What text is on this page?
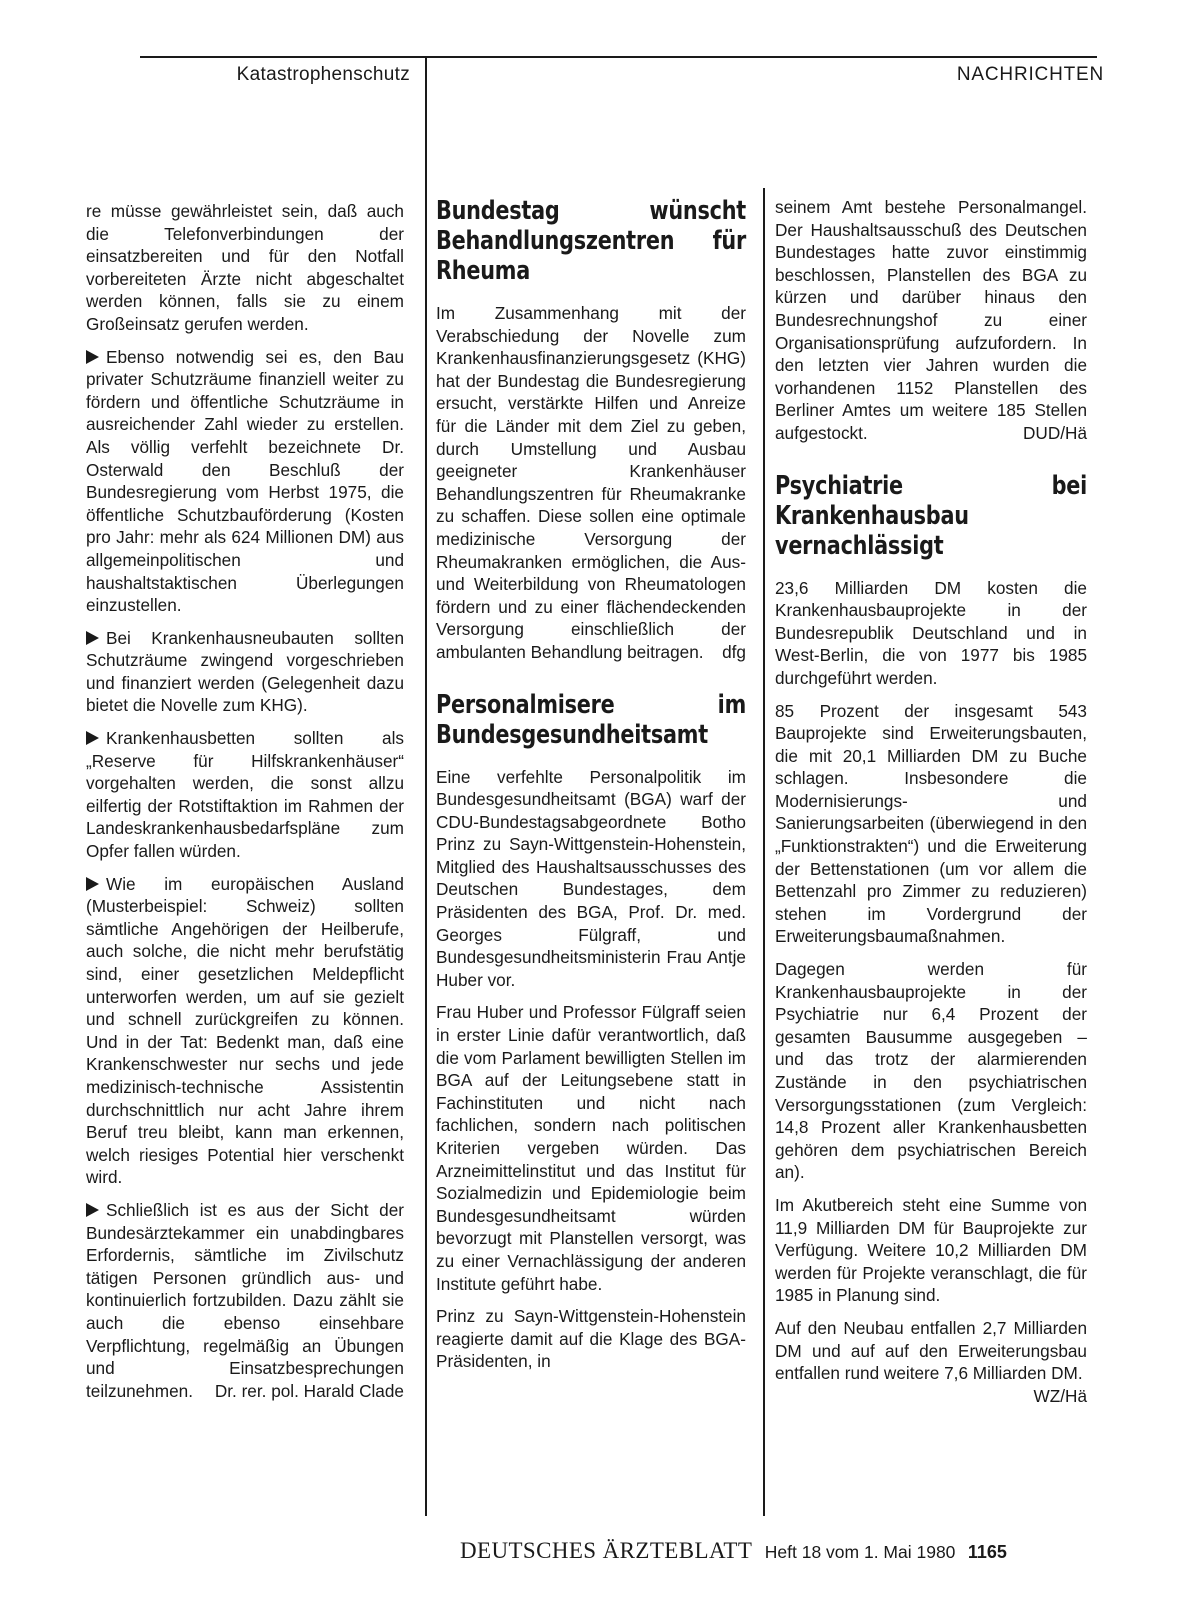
Katastrophenschutz	NACHRICHTEN

re müsse gewährleistet sein, daß auch die Telefonverbindungen der einsatzbereiten und für den Notfall vorbereiteten Ärzte nicht abgeschaltet werden können, falls sie zu einem Großeinsatz gerufen werden.

Ebenso notwendig sei es, den Bau privater Schutzräume finanziell weiter zu fördern und öffentliche Schutzräume in ausreichender Zahl wieder zu erstellen. Als völlig verfehlt bezeichnete Dr. Osterwald den Beschluß der Bundesregierung vom Herbst 1975, die öffentliche Schutzbauförderung (Kosten pro Jahr: mehr als 624 Millionen DM) aus allgemeinpolitischen und haushaltstaktischen Überlegungen einzustellen.

Bei Krankenhausneubauten sollten Schutzräume zwingend vorgeschrieben und finanziert werden (Gelegenheit dazu bietet die Novelle zum KHG).

Krankenhausbetten sollten als „Reserve für Hilfskrankenhäuser“ vorgehalten werden, die sonst allzu eilfertig der Rotstiftaktion im Rahmen der Landeskrankenhausbedarfspläne zum Opfer fallen würden.

Wie im europäischen Ausland (Musterbeispiel: Schweiz) sollten sämtliche Angehörigen der Heilberufe, auch solche, die nicht mehr berufstätig sind, einer gesetzlichen Meldepflicht unterworfen werden, um auf sie gezielt und schnell zurückgreifen zu können. Und in der Tat: Bedenkt man, daß eine Krankenschwester nur sechs und jede medizinisch-technische Assistentin durchschnittlich nur acht Jahre ihrem Beruf treu bleibt, kann man erkennen, welch riesiges Potential hier verschenkt wird.

Schließlich ist es aus der Sicht der Bundesärztekammer ein unabdingbares Erfordernis, sämtliche im Zivilschutz tätigen Personen gründlich aus- und kontinuierlich fortzubilden. Dazu zählt sie auch die ebenso einsehbare Verpflichtung, regelmäßig an Übungen und Einsatzbesprechungen teilzunehmen. Dr. rer. pol. Harald Clade

Bundestag wünscht Behandlungszentren für Rheuma

Im Zusammenhang mit der Verabschiedung der Novelle zum Krankenhausfinanzierungsgesetz (KHG) hat der Bundestag die Bundesregierung ersucht, verstärkte Hilfen und Anreize für die Länder mit dem Ziel zu geben, durch Umstellung und Ausbau geeigneter Krankenhäuser Behandlungszentren für Rheumakranke zu schaffen. Diese sollen eine optimale medizinische Versorgung der Rheumakranken ermöglichen, die Aus- und Weiterbildung von Rheumatologen fördern und zu einer flächendeckenden Versorgung einschließlich der ambulanten Behandlung beitragen. dfg

Personalmisere im Bundesgesundheitsamt

Eine verfehlte Personalpolitik im Bundesgesundheitsamt (BGA) warf der CDU-Bundestagsabgeordnete Botho Prinz zu Sayn-Wittgenstein-Hohenstein, Mitglied des Haushaltsausschusses des Deutschen Bundestages, dem Präsidenten des BGA, Prof. Dr. med. Georges Fülgraff, und Bundesgesundheitsministerin Frau Antje Huber vor.

Frau Huber und Professor Fülgraff seien in erster Linie dafür verantwortlich, daß die vom Parlament bewilligten Stellen im BGA auf der Leitungsebene statt in Fachinstituten und nicht nach fachlichen, sondern nach politischen Kriterien vergeben würden. Das Arzneimittelinstitut und das Institut für Sozialmedizin und Epidemiologie beim Bundesgesundheitsamt würden bevorzugt mit Planstellen versorgt, was zu einer Vernachlässigung der anderen Institute geführt habe.

Prinz zu Sayn-Wittgenstein-Hohenstein reagierte damit auf die Klage des BGA-Präsidenten, in

seinem Amt bestehe Personalmangel. Der Haushaltsausschuß des Deutschen Bundestages hatte zuvor einstimmig beschlossen, Planstellen des BGA zu kürzen und darüber hinaus den Bundesrechnungshof zu einer Organisationsprüfung aufzufordern. In den letzten vier Jahren wurden die vorhandenen 1152 Planstellen des Berliner Amtes um weitere 185 Stellen aufgestockt.	DUD/Hä

Psychiatrie bei Krankenhausbau vernachlässigt

23,6 Milliarden DM kosten die Krankenhausbauprojekte in der Bundesrepublik Deutschland und in West-Berlin, die von 1977 bis 1985 durchgeführt werden.

85 Prozent der insgesamt 543 Bauprojekte sind Erweiterungsbauten, die mit 20,1 Milliarden DM zu Buche schlagen. Insbesondere die Modernisierungs- und Sanierungsarbeiten (überwiegend in den „Funktionstrakten“) und die Erweiterung der Bettenstationen (um vor allem die Bettenzahl pro Zimmer zu reduzieren) stehen im Vordergrund der Erweiterungsbaumaßnahmen.

Dagegen werden für Krankenhausbauprojekte in der Psychiatrie nur 6,4 Prozent der gesamten Bausumme ausgegeben – und das trotz der alarmierenden Zustände in den psychiatrischen Versorgungsstationen (zum Vergleich: 14,8 Prozent aller Krankenhausbetten gehören dem psychiatrischen Bereich an).

Im Akutbereich steht eine Summe von 11,9 Milliarden DM für Bauprojekte zur Verfügung. Weitere 10,2 Milliarden DM werden für Projekte veranschlagt, die für 1985 in Planung sind.

Auf den Neubau entfallen 2,7 Milliarden DM und auf auf den Erweiterungsbau entfallen rund weitere 7,6 Milliarden DM.
WZ/Hä

DEUTSCHES ÄRZTEBLATT Heft 18 vom 1. Mai 1980 1165
